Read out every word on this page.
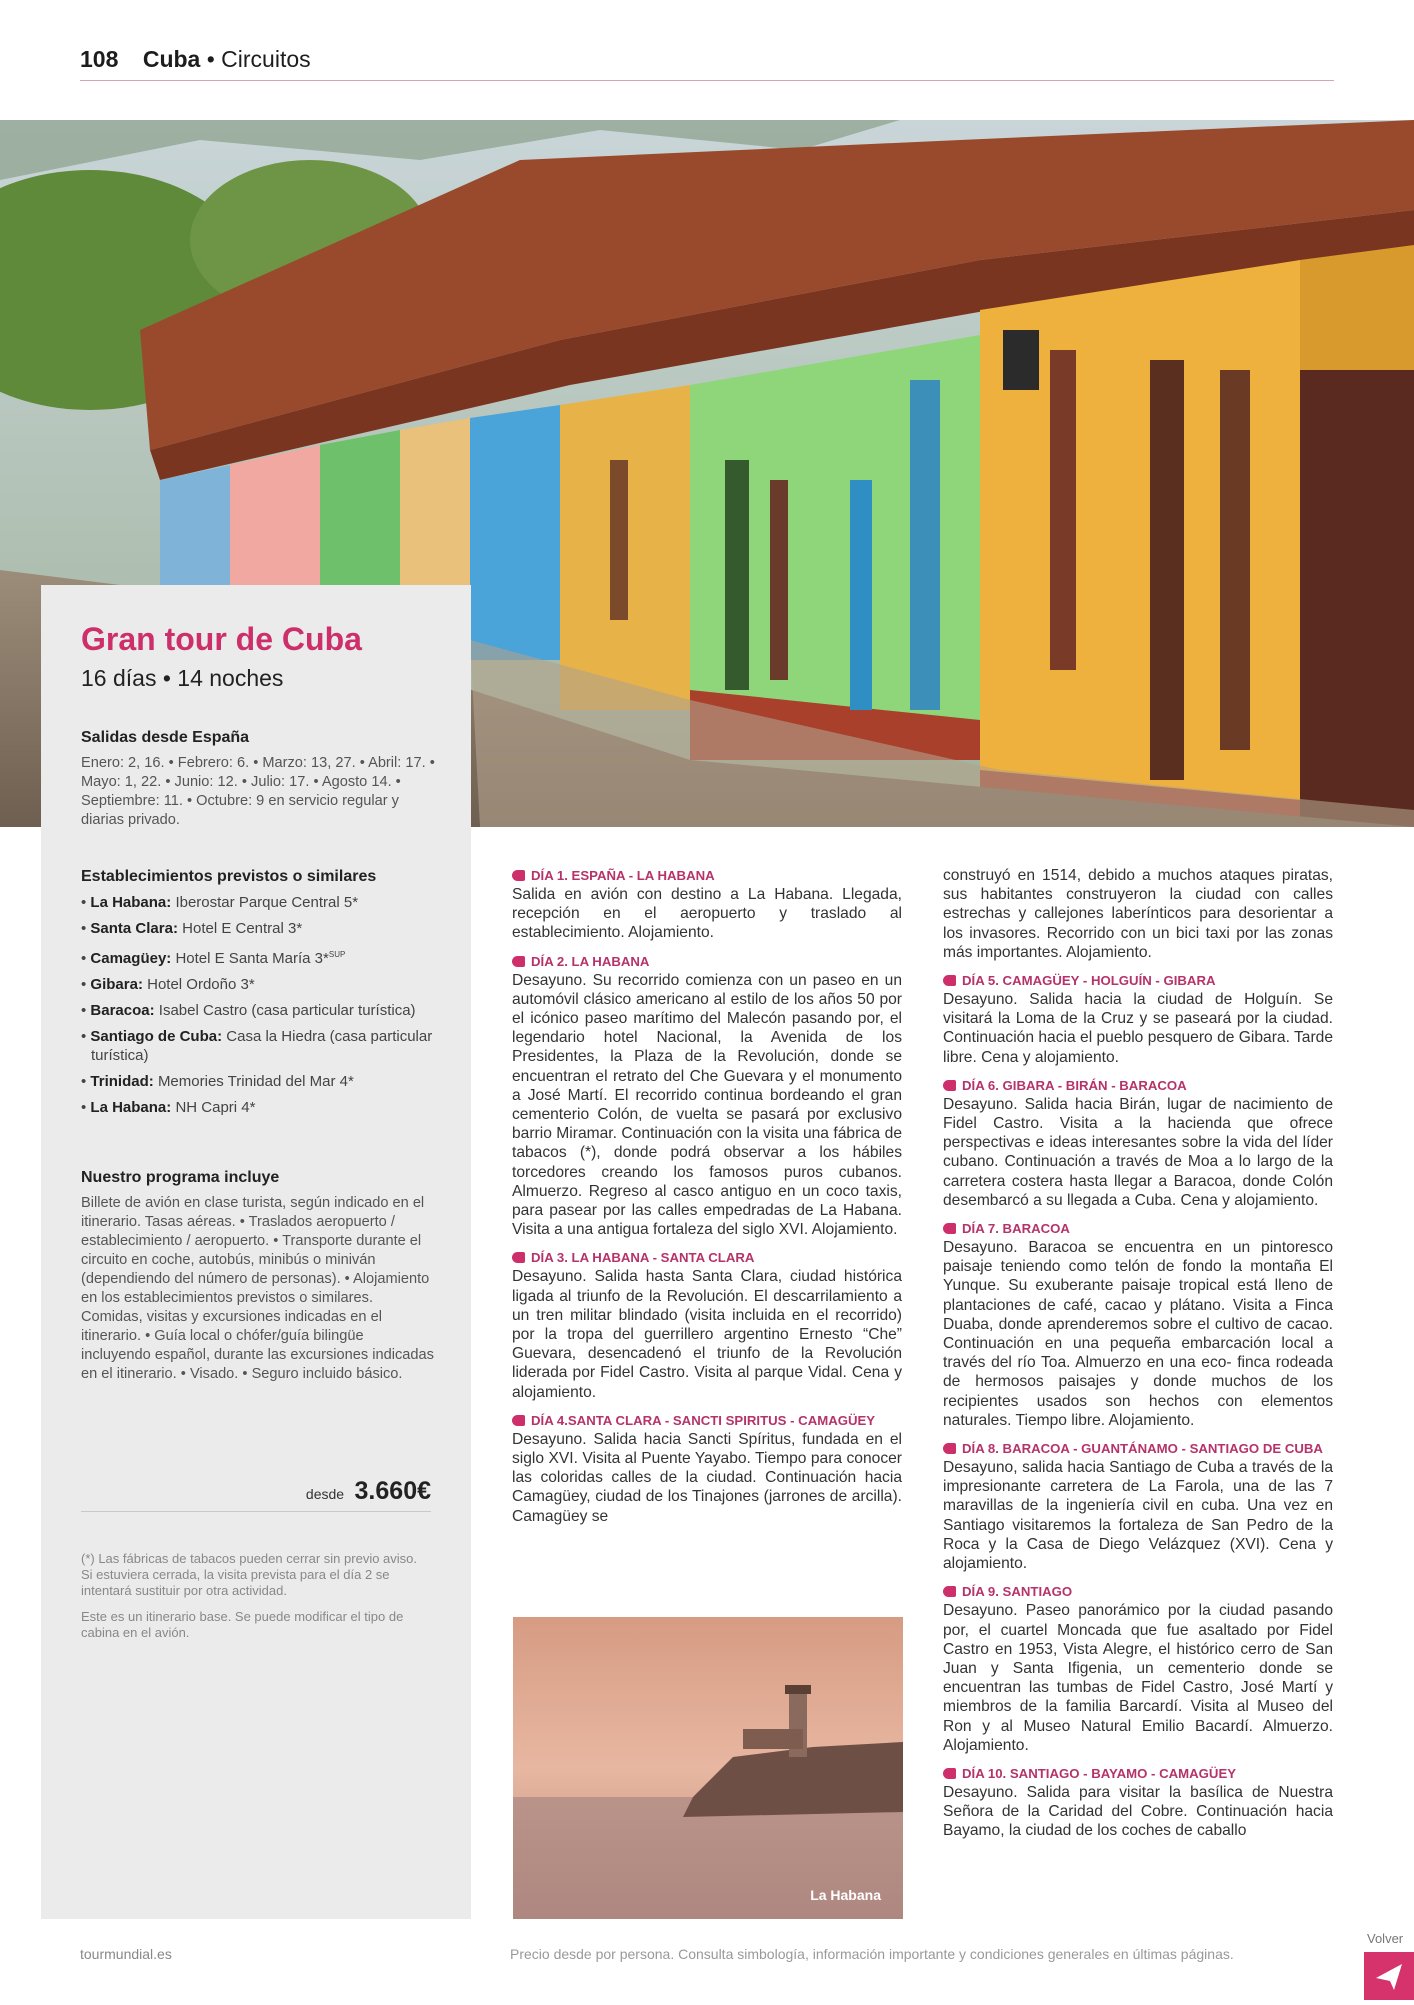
108 Cuba • Circuitos
Gran tour de Cuba
16 días • 14 noches

Salidas desde España

Enero: 2, 16. • Febrero: 6. • Marzo: 13, 27. • Abril: 17. • Mayo: 1, 22. • Junio: 12. • Julio: 17. • Agosto 14. • Septiembre: 11. • Octubre: 9 en servicio regular y diarias privado.

Establecimientos previstos o similares

• La Habana: Iberostar Parque Central 5*
• Santa Clara: Hotel E Central 3*
• Camagüey: Hotel E Santa María 3*$^{SUP}$
• Gibara: Hotel Ordoño 3*
• Baracoa: Isabel Castro (casa particular turística)
• Santiago de Cuba: Casa la Hiedra (casa particular turística)
• Trinidad: Memories Trinidad del Mar 4*
• La Habana: NH Capri 4*

Nuestro programa incluye

Billete de avión en clase turista, según indicado en el itinerario. Tasas aéreas. • Traslados aeropuerto / establecimiento / aeropuerto. • Transporte durante el circuito en coche, autobús, minibús o miniván (dependiendo del número de personas). • Alojamiento en los establecimientos previstos o similares. Comidas, visitas y excursiones indicadas en el itinerario. • Guía local o chófer/guía bilingüe incluyendo español, durante las excursiones indicadas en el itinerario. • Visado. • Seguro incluido básico.

desde 3.660€

(*) Las fábricas de tabacos pueden cerrar sin previo aviso. Si estuviera cerrada, la visita prevista para el día 2 se intentará sustituir por otra actividad.

Este es un itinerario base. Se puede modificar el tipo de cabina en el avión.

DÍA 1. ESPAÑA - LA HABANA

Salida en avión con destino a La Habana. Llegada, recepción en el aeropuerto y traslado al establecimiento. Alojamiento.

DÍA 2. LA HABANA

Desayuno. Su recorrido comienza con un paseo en un automóvil clásico americano al estilo de los años 50 por el icónico paseo marítimo del Malecón pasando por, el legendario hotel Nacional, la Avenida de los Presidentes, la Plaza de la Revolución, donde se encuentran el retrato del Che Guevara y el monumento a José Martí. El recorrido continua bordeando el gran cementerio Colón, de vuelta se pasará por exclusivo barrio Miramar. Continuación con la visita una fábrica de tabacos (*), donde podrá observar a los hábiles torcedores creando los famosos puros cubanos. Almuerzo. Regreso al casco antiguo en un coco taxis, para pasear por las calles empedradas de La Habana. Visita a una antigua fortaleza del siglo XVI. Alojamiento.

DÍA 3. LA HABANA - SANTA CLARA

Desayuno. Salida hasta Santa Clara, ciudad histórica ligada al triunfo de la Revolución. El descarrilamiento a un tren militar blindado (visita incluida en el recorrido) por la tropa del guerrillero argentino Ernesto “Che” Guevara, desencadenó el triunfo de la Revolución liderada por Fidel Castro. Visita al parque Vidal. Cena y alojamiento.

DÍA 4.SANTA CLARA - SANCTI SPIRITUS - CAMAGÜEY

Desayuno. Salida hacia Sancti Spíritus, fundada en el siglo XVI. Visita al Puente Yayabo. Tiempo para conocer las coloridas calles de la ciudad. Continuación hacia Camagüey, ciudad de los Tinajones (jarrones de arcilla). Camagüey se

La Habana

construyó en 1514, debido a muchos ataques piratas, sus habitantes construyeron la ciudad con calles estrechas y callejones laberínticos para desorientar a los invasores. Recorrido con un bici taxi por las zonas más importantes. Alojamiento.

DÍA 5. CAMAGÜEY - HOLGUÍN - GIBARA

Desayuno. Salida hacia la ciudad de Holguín. Se visitará la Loma de la Cruz y se paseará por la ciudad. Continuación hacia el pueblo pesquero de Gibara. Tarde libre. Cena y alojamiento.

DÍA 6. GIBARA - BIRÁN - BARACOA

Desayuno. Salida hacia Birán, lugar de nacimiento de Fidel Castro. Visita a la hacienda que ofrece perspectivas e ideas interesantes sobre la vida del líder cubano. Continuación a través de Moa a lo largo de la carretera costera hasta llegar a Baracoa, donde Colón desembarcó a su llegada a Cuba. Cena y alojamiento.

DÍA 7. BARACOA

Desayuno. Baracoa se encuentra en un pintoresco paisaje teniendo como telón de fondo la montaña El Yunque. Su exuberante paisaje tropical está lleno de plantaciones de café, cacao y plátano. Visita a Finca Duaba, donde aprenderemos sobre el cultivo de cacao. Continuación en una pequeña embarcación local a través del río Toa. Almuerzo en una eco- finca rodeada de hermosos paisajes y donde muchos de los recipientes usados son hechos con elementos naturales. Tiempo libre. Alojamiento.

DÍA 8. BARACOA - GUANTÁNAMO - SANTIAGO DE CUBA

Desayuno, salida hacia Santiago de Cuba a través de la impresionante carretera de La Farola, una de las 7 maravillas de la ingeniería civil en cuba. Una vez en Santiago visitaremos la fortaleza de San Pedro de la Roca y la Casa de Diego Velázquez (XVI). Cena y alojamiento.

DÍA 9. SANTIAGO

Desayuno. Paseo panorámico por la ciudad pasando por, el cuartel Moncada que fue asaltado por Fidel Castro en 1953, Vista Alegre, el histórico cerro de San Juan y Santa Ifigenia, un cementerio donde se encuentran las tumbas de Fidel Castro, José Martí y miembros de la familia Barcardí. Visita al Museo del Ron y al Museo Natural Emilio Bacardí. Almuerzo. Alojamiento.

DÍA 10. SANTIAGO - BAYAMO - CAMAGÜEY

Desayuno. Salida para visitar la basílica de Nuestra Señora de la Caridad del Cobre. Continuación hacia Bayamo, la ciudad de los coches de caballo

tourmundial.es	Precio desde por persona. Consulta simbología, información importante y condiciones generales en últimas páginas.
Volver
